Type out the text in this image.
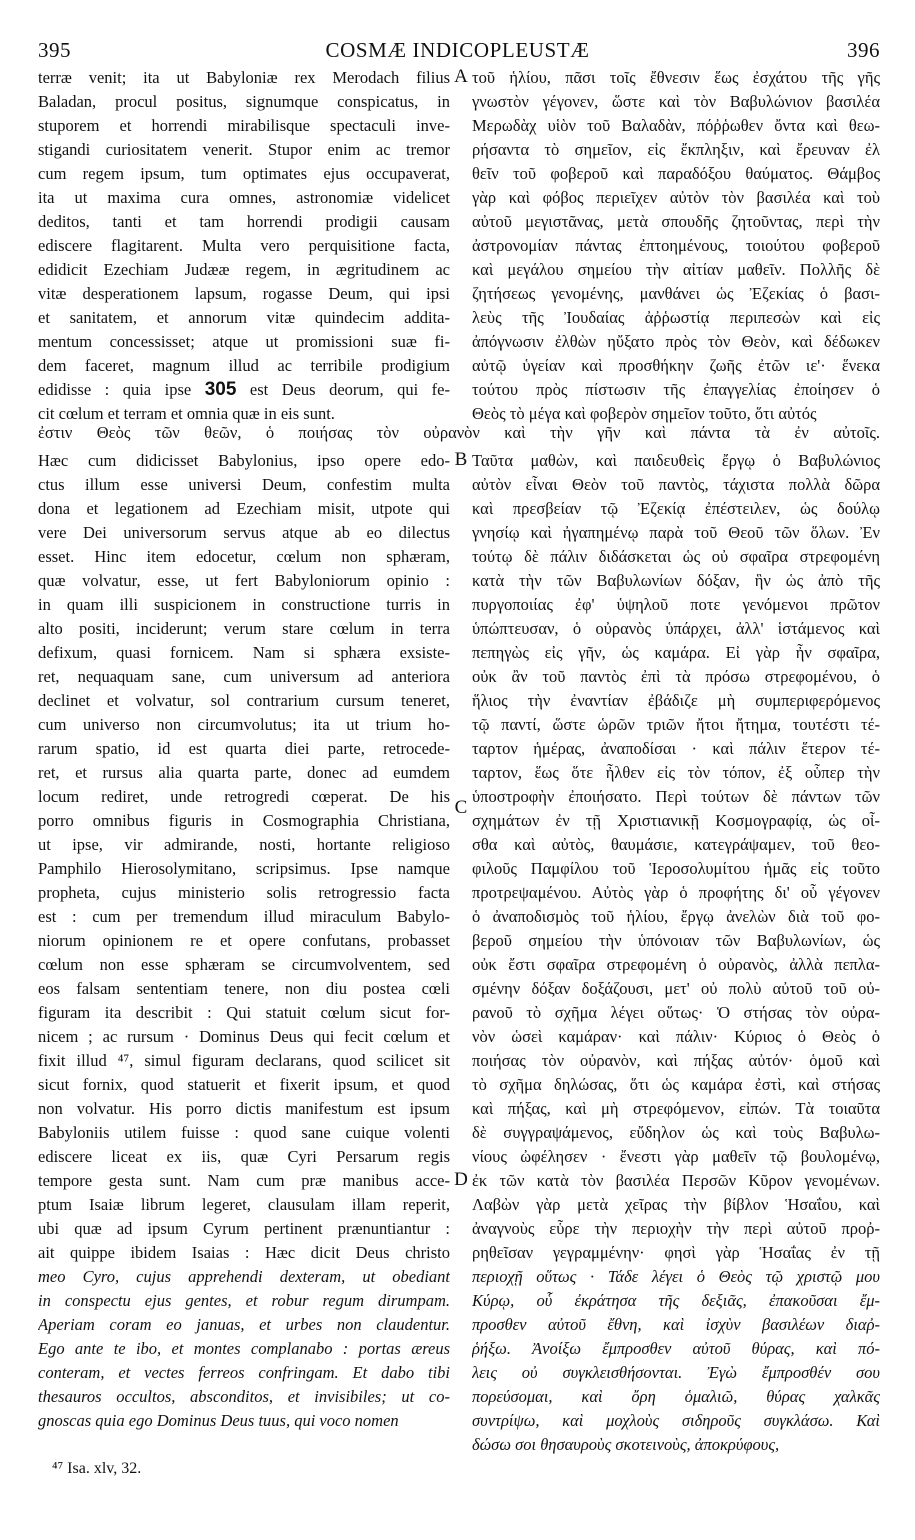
395	COSMÆ INDICOPLEUSTÆ	396
terræ venit; ita ut Babyloniæ rex Merodach filius
Baladan, procul positus, signumque conspicatus, in
stuporem et horrendi mirabilisque spectaculi inve-
stigandi curiositatem venerit. Stupor enim ac tremor
cum regem ipsum, tum optimates ejus occupaverat,
ita ut maxima cura omnes, astronomiæ videlicet
deditos, tanti et tam horrendi prodigii causam
ediscere flagitarent. Multa vero perquisitione facta,
edidicit Ezechiam Judææ regem, in ægritudinem ac
vitæ desperationem lapsum, rogasse Deum, qui ipsi
et sanitatem, et annorum vitæ quindecim addita-
mentum concessisset; atque ut promissioni suæ fi-
dem faceret, magnum illud ac terribile prodigium
edidisse : quia ipse 305 est Deus deorum, qui fe-
cit cœlum et terram et omnia quæ in eis sunt.
τοῦ ἡλίου, πᾶσι τοῖς ἔθνεσιν ἕως ἐσχάτου τῆς γῆς
γνωστὸν γέγονεν, ὥστε καὶ τὸν Βαβυλώνιον βασιλέα
Μερωδὰχ υἱὸν τοῦ Βαλαδὰν, πόῤῥωθεν ὄντα καὶ θεω-
ρήσαντα τὸ σημεῖον, εἰς ἔκπληξιν, καὶ ἔρευναν ἐλ
θεῖν τοῦ φοβεροῦ καὶ παραδόξου θαύματος. Θάμβος
γὰρ καὶ φόβος περιεῖχεν αὐτὸν τὸν βασιλέα καὶ τοὺ
αὐτοῦ μεγιστᾶνας, μετὰ σπουδῆς ζητοῦντας, περὶ τὴν
ἀστρονομίαν πάντας ἐπτοημένους, τοιούτου φοβεροῦ
καὶ μεγάλου σημείου τὴν αἰτίαν μαθεῖν. Πολλῆς δὲ
ζητήσεως γενομένης, μανθάνει ὡς Ἐζεκίας ὁ βασι-
λεὺς τῆς Ἰουδαίας ἀῤῥωστίᾳ περιπεσὼν καὶ εἰς
ἀπόγνωσιν ἐλθὼν ηὔξατο πρὸς τὸν Θεὸν, καὶ δέδωκεν
αὐτῷ ὑγείαν καὶ προσθήκην ζωῆς ἐτῶν ιε'· ἕνεκα
τούτου πρὸς πίστωσιν τῆς ἐπαγγελίας ἐποίησεν ὁ
Θεὸς τὸ μέγα καὶ φοβερὸν σημεῖον τοῦτο, ὅτι αὐτός
ἐστιν Θεὸς τῶν θεῶν, ὁ ποιήσας τὸν οὐρανὸν καὶ τὴν γῆν καὶ πάντα τὰ ἐν αὐτοῖς.
Hæc cum didicisset Babylonius, ipso opere edo-
ctus illum esse universi Deum, confestim multa
dona et legationem ad Ezechiam misit, utpote qui
vere Dei universorum servus atque ab eo dilectus
esset. Hinc item edocetur, cœlum non sphæram,
quæ volvatur, esse, ut fert Babyloniorum opinio :
in quam illi suspicionem in constructione turris in
alto positi, inciderunt; verum stare cœlum in terra
defixum, quasi fornicem. Nam si sphæra exsiste-
ret, nequaquam sane, cum universum ad anteriora
declinet et volvatur, sol contrarium cursum teneret,
cum universo non circumvolutus; ita ut trium ho-
rarum spatio, id est quarta diei parte, retrocede-
ret, et rursus alia quarta parte, donec ad eumdem
locum rediret, unde retrogredi cœperat. De his
porro omnibus figuris in Cosmographia Christiana,
ut ipse, vir admirande, nosti, hortante religioso
Pamphilo Hierosolymitano, scripsimus. Ipse namque
propheta, cujus ministerio solis retrogressio facta
est : cum per tremendum illud miraculum Babylo-
niorum opinionem re et opere confutans, probasset
cœlum non esse sphæram se circumvolventem, sed
eos falsam sententiam tenere, non diu postea cœli
figuram ita describit : Qui statuit cœlum sicut for-
nicem ; ac rursum · Dominus Deus qui fecit cœlum et
fixit illud ⁴⁷, simul figuram declarans, quod scilicet sit
sicut fornix, quod statuerit et fixerit ipsum, et quod
non volvatur. His porro dictis manifestum est ipsum
Babyloniis utilem fuisse : quod sane cuique volenti
ediscere liceat ex iis, quæ Cyri Persarum regis
tempore gesta sunt. Nam cum præ manibus acce-
ptum Isaiæ librum legeret, clausulam illam reperit,
ubi quæ ad ipsum Cyrum pertinent prænuntiantur :
ait quippe ibidem Isaias : Hæc dicit Deus christo
meo Cyro, cujus apprehendi dexteram, ut obediant
in conspectu ejus gentes, et robur regum dirumpam.
Aperiam coram eo januas, et urbes non claudentur.
Ego ante te ibo, et montes complanabo : portas æreus
conteram, et vectes ferreos confringam. Et dabo tibi
thesauros occultos, absconditos, et invisibiles; ut co-
gnoscas quia ego Dominus Deus tuus, qui voco nomen
Ταῦτα μαθὼν, καὶ παιδευθεὶς ἔργῳ ὁ Βαβυλώνιος
αὐτὸν εἶναι Θεὸν τοῦ παντὸς, τάχιστα πολλὰ δῶρα
καὶ πρεσβείαν τῷ Ἐζεκίᾳ ἐπέστειλεν, ὡς δούλῳ
γνησίῳ καὶ ἠγαπημένῳ παρὰ τοῦ Θεοῦ τῶν ὅλων. Ἐν
τούτῳ δὲ πάλιν διδάσκεται ὡς οὐ σφαῖρα στρεφομένη
κατὰ τὴν τῶν Βαβυλωνίων δόξαν, ἣν ὡς ἀπὸ τῆς
πυργοποιίας ἐφ' ὑψηλοῦ ποτε γενόμενοι πρῶτον
ὑπώπτευσαν, ὁ οὐρανὸς ὑπάρχει, ἀλλ' ἱστάμενος καὶ
πεπηγὼς εἰς γῆν, ὡς καμάρα. Εἰ γὰρ ἦν σφαῖρα,
οὐκ ἂν τοῦ παντὸς ἐπὶ τὰ πρόσω στρεφομένου, ὁ
ἥλιος τὴν ἐναντίαν ἐβάδιζε μὴ συμπεριφερόμενος
τῷ παντί, ὥστε ὡρῶν τριῶν ἤτοι ἤτημα, τουτέστι τέ-
ταρτον ἡμέρας, ἀναποδίσαι · καὶ πάλιν ἕτερον τέ-
ταρτον, ἕως ὅτε ἦλθεν εἰς τὸν τόπον, ἐξ οὗπερ τὴν
ὑποστροφὴν ἐποιήσατο. Περὶ τούτων δὲ πάντων τῶν
σχημάτων ἐν τῇ Χριστιανικῇ Κοσμογραφίᾳ, ὡς οἶ-
σθα καὶ αὐτὸς, θαυμάσιε, κατεγράψαμεν, τοῦ θεο-
φιλοῦς Παμφίλου τοῦ Ἱεροσολυμίτου ἡμᾶς εἰς τοῦτο
προτρεψαμένου. Αὐτὸς γὰρ ὁ προφήτης δι' οὗ γέγονεν
ὁ ἀναποδισμὸς τοῦ ἡλίου, ἔργῳ ἀνελὼν διὰ τοῦ φο-
βεροῦ σημείου τὴν ὑπόνοιαν τῶν Βαβυλωνίων, ὡς
οὐκ ἔστι σφαῖρα στρεφομένη ὁ οὐρανὸς, ἀλλὰ πεπλα-
σμένην δόξαν δοξάζουσι, μετ' οὐ πολὺ αὐτοῦ τοῦ οὐ-
ρανοῦ τὸ σχῆμα λέγει οὕτως· Ὁ στήσας τὸν οὐρα-
νὸν ὡσεὶ καμάραν· καὶ πάλιν· Κύριος ὁ Θεὸς ὁ
ποιήσας τὸν οὐρανὸν, καὶ πήξας αὐτόν· ὁμοῦ καὶ
τὸ σχῆμα δηλώσας, ὅτι ὡς καμάρα ἐστὶ, καὶ στήσας
καὶ πήξας, καὶ μὴ στρεφόμενον, εἰπών. Τὰ τοιαῦτα
δὲ συγγραψάμενος, εὔδηλον ὡς καὶ τοὺς Βαβυλω-
νίους ὠφέλησεν · ἔνεστι γὰρ μαθεῖν τῷ βουλομένῳ,
ἐκ τῶν κατὰ τὸν βασιλέα Περσῶν Κῦρον γενομένων.
Λαβὼν γὰρ μετὰ χεῖρας τὴν βίβλον Ἡσαΐου, καὶ
ἀναγνοὺς εὗρε τὴν περιοχὴν τὴν περὶ αὐτοῦ προῤ-
ρηθεῖσαν γεγραμμένην· φησὶ γὰρ Ἡσαΐας ἐν τῇ
περιοχῇ οὕτως · Τάδε λέγει ὁ Θεὸς τῷ χριστῷ μου
Κύρῳ, οὗ ἐκράτησα τῆς δεξιᾶς, ἐπακοῦσαι ἔμ-
προσθεν αὐτοῦ ἔθνη, καὶ ἰσχὺν βασιλέων διαῤ-
ῥήξω. Ἀνοίξω ἔμπροσθεν αὐτοῦ θύρας, καὶ πό-
λεις οὐ συγκλεισθήσονται. Ἐγὼ ἔμπροσθέν σου
πορεύσομαι, καὶ ὄρη ὁμαλιῶ, θύρας χαλκᾶς
συντρίψω, καὶ μοχλοὺς σιδηροῦς συγκλάσω. Καὶ
δώσω σοι θησαυροὺς σκοτεινοὺς, ἀποκρύφους,
A
B
C
D
⁴⁷ Isa. xlv, 32.
